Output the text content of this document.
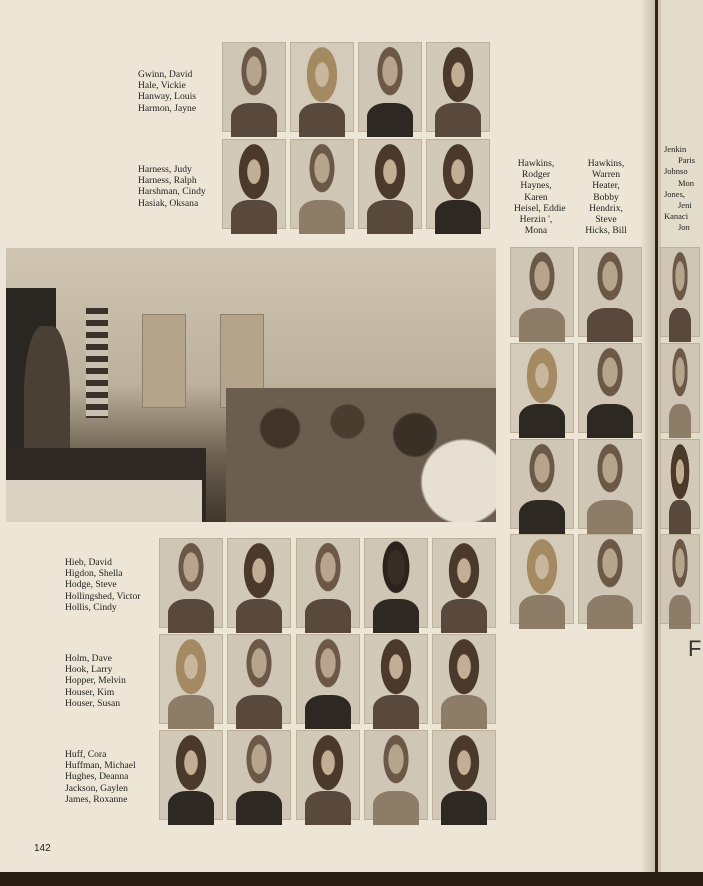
Gwinn, David
Hale, Vickie
Hanway, Louis
Harmon, Jayne
Harness, Judy
Harness, Ralph
Harshman, Cindy
Hasiak, Oksana
Hawkins,
Rodger
Haynes,
Karen
Heisel, Eddie
Herzin ',
Mona
Hawkins,
Warren
Heater,
Bobby
Hendrix,
Steve
Hicks, Bill
Hieb, David
Higdon, Shella
Hodge, Steve
Hollingshed, Victor
Hollis, Cindy
Holm, Dave
Hook, Larry
Hopper, Melvin
Houser, Kim
Houser, Susan
Huff, Cora
Huffman, Michael
Hughes, Deanna
Jackson, Gaylen
James, Roxanne
Jenkin
Paris
Johnso
Mon
Jones,
Jeni
Kanaci
Jon
F
142
